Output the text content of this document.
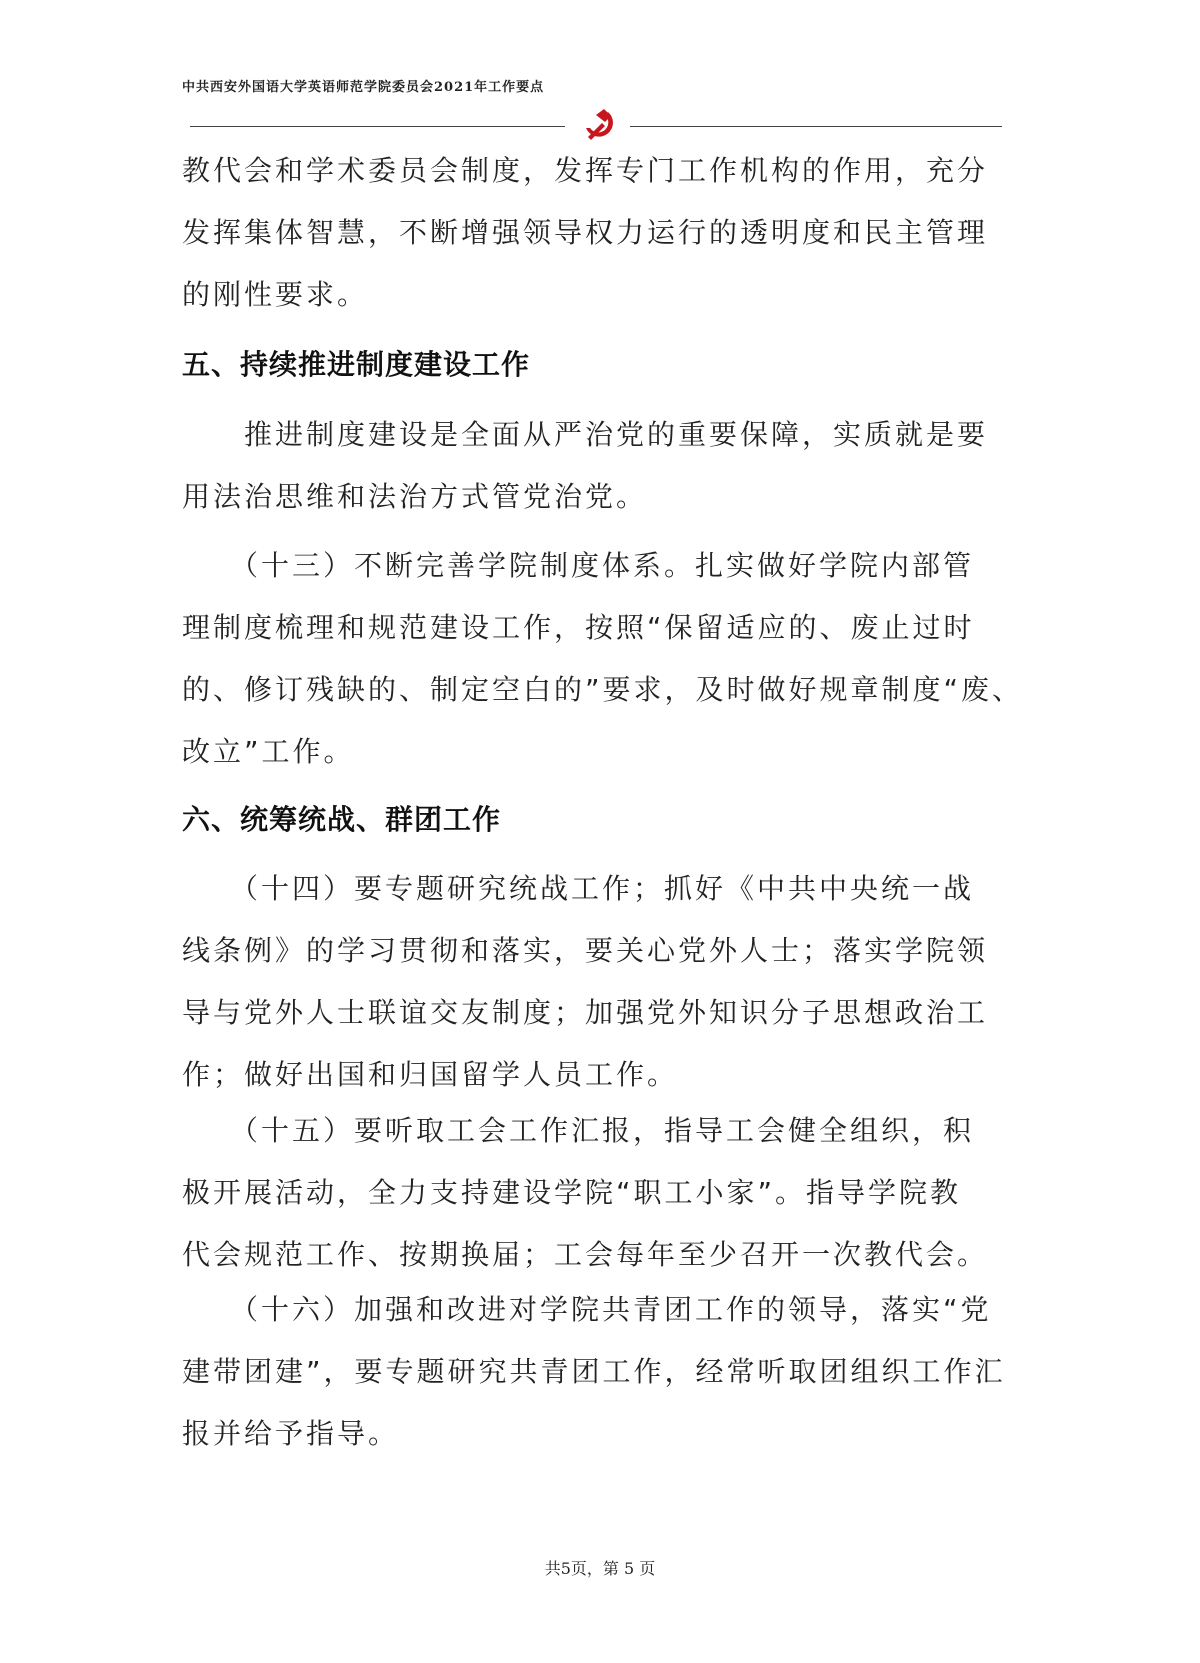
中共西安外国语大学英语师范学院委员会2021年工作要点
教代会和学术委员会制度，发挥专门工作机构的作用，充分
发挥集体智慧，不断增强领导权力运行的透明度和民主管理
的刚性要求。
五、持续推进制度建设工作
　　推进制度建设是全面从严治党的重要保障，实质就是要
用法治思维和法治方式管党治党。
　　（十三）不断完善学院制度体系。扎实做好学院内部管
理制度梳理和规范建设工作，按照“保留适应的、废止过时
的、修订残缺的、制定空白的”要求，及时做好规章制度“废、
改立”工作。
六、统筹统战、群团工作
　　（十四）要专题研究统战工作；抓好《中共中央统一战
线条例》的学习贯彻和落实，要关心党外人士；落实学院领
导与党外人士联谊交友制度；加强党外知识分子思想政治工
作；做好出国和归国留学人员工作。
　　（十五）要听取工会工作汇报，指导工会健全组织，积
极开展活动，全力支持建设学院“职工小家”。指导学院教
代会规范工作、按期换届；工会每年至少召开一次教代会。
　　（十六）加强和改进对学院共青团工作的领导，落实“党
建带团建”，要专题研究共青团工作，经常听取团组织工作汇
报并给予指导。
共5页，第 5 页
